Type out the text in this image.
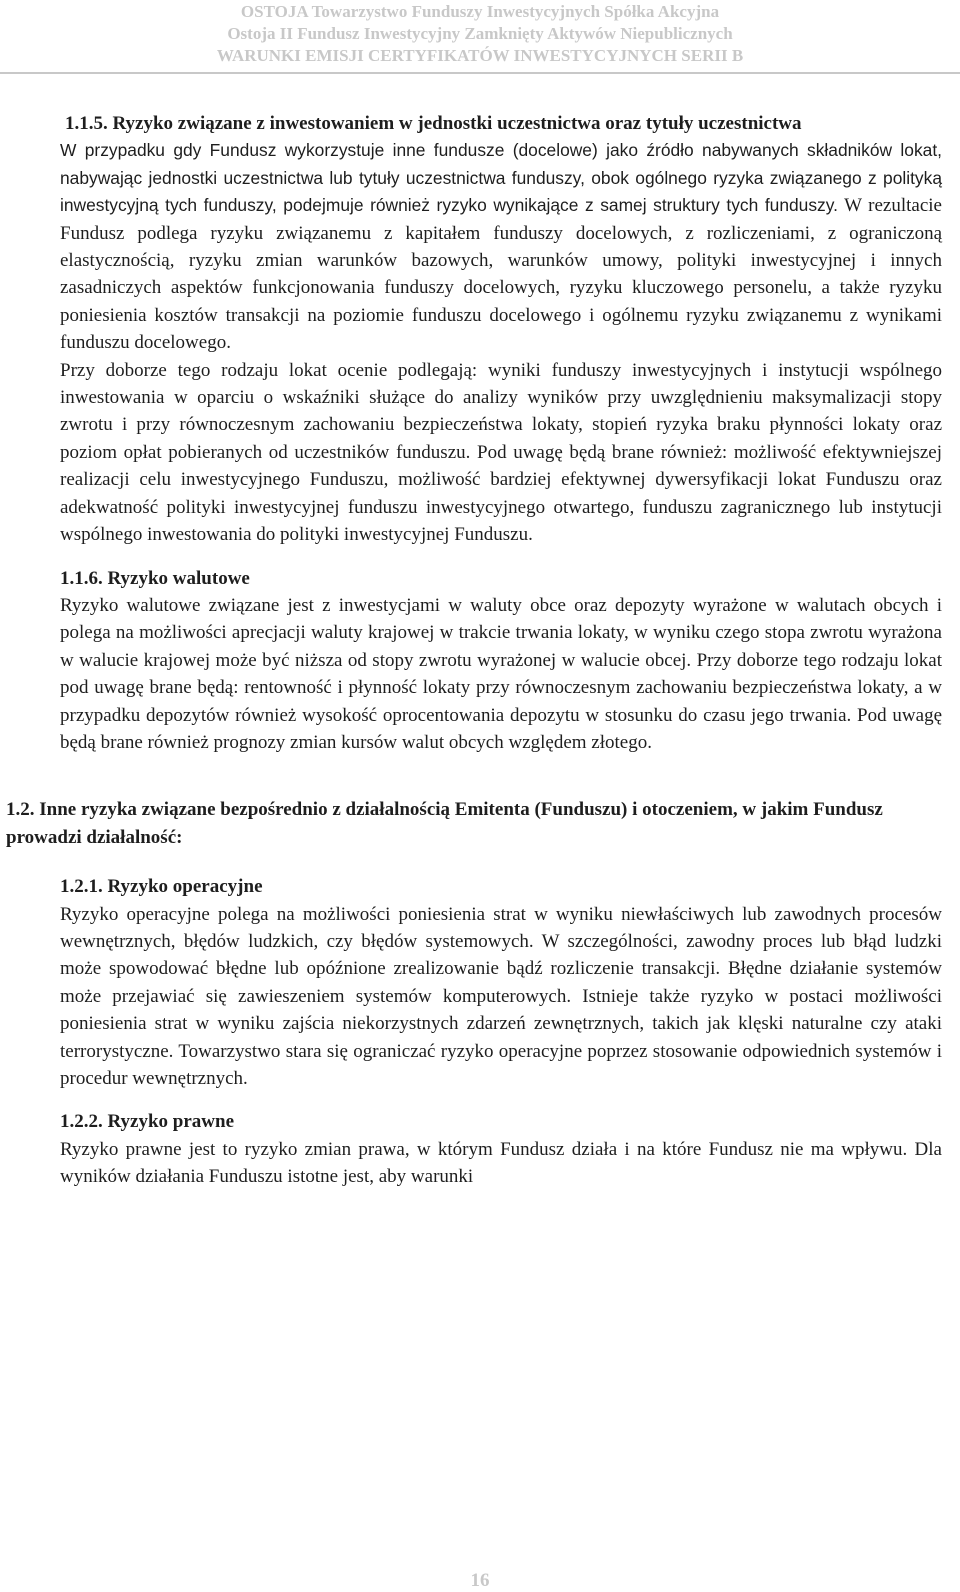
OSTOJA Towarzystwo Funduszy Inwestycyjnych Spółka Akcyjna
Ostoja II Fundusz Inwestycyjny Zamknięty Aktywów Niepublicznych
WARUNKI EMISJI CERTYFIKATÓW INWESTYCYJNYCH SERII B

1.1.5. Ryzyko związane z inwestowaniem w jednostki uczestnictwa oraz tytuły uczestnictwa

W przypadku gdy Fundusz wykorzystuje inne fundusze (docelowe) jako źródło nabywanych składników lokat, nabywając jednostki uczestnictwa lub tytuły uczestnictwa funduszy, obok ogólnego ryzyka związanego z polityką inwestycyjną tych funduszy, podejmuje również ryzyko wynikające z samej struktury tych funduszy. W rezultacie Fundusz podlega ryzyku związanemu z kapitałem funduszy docelowych, z rozliczeniami, z ograniczoną elastycznością, ryzyku zmian warunków bazowych, warunków umowy, polityki inwestycyjnej i innych zasadniczych aspektów funkcjonowania funduszy docelowych, ryzyku kluczowego personelu, a także ryzyku poniesienia kosztów transakcji na poziomie funduszu docelowego i ogólnemu ryzyku związanemu z wynikami funduszu docelowego.

Przy doborze tego rodzaju lokat ocenie podlegają: wyniki funduszy inwestycyjnych i instytucji wspólnego inwestowania w oparciu o wskaźniki służące do analizy wyników przy uwzględnieniu maksymalizacji stopy zwrotu i przy równoczesnym zachowaniu bezpieczeństwa lokaty, stopień ryzyka braku płynności lokaty oraz poziom opłat pobieranych od uczestników funduszu. Pod uwagę będą brane również: możliwość efektywniejszej realizacji celu inwestycyjnego Funduszu, możliwość bardziej efektywnej dywersyfikacji lokat Funduszu oraz adekwatność polityki inwestycyjnej funduszu inwestycyjnego otwartego, funduszu zagranicznego lub instytucji wspólnego inwestowania do polityki inwestycyjnej Funduszu.

1.1.6. Ryzyko walutowe

Ryzyko walutowe związane jest z inwestycjami w waluty obce oraz depozyty wyrażone w walutach obcych i polega na możliwości aprecjacji waluty krajowej w trakcie trwania lokaty, w wyniku czego stopa zwrotu wyrażona w walucie krajowej może być niższa od stopy zwrotu wyrażonej w walucie obcej. Przy doborze tego rodzaju lokat pod uwagę brane będą: rentowność i płynność lokaty przy równoczesnym zachowaniu bezpieczeństwa lokaty, a w przypadku depozytów również wysokość oprocentowania depozytu w stosunku do czasu jego trwania. Pod uwagę będą brane również prognozy zmian kursów walut obcych względem złotego.

1.2. Inne ryzyka związane bezpośrednio z działalnością Emitenta (Funduszu) i otoczeniem, w jakim Fundusz prowadzi działalność:

1.2.1. Ryzyko operacyjne

Ryzyko operacyjne polega na możliwości poniesienia strat w wyniku niewłaściwych lub zawodnych procesów wewnętrznych, błędów ludzkich, czy błędów systemowych. W szczególności, zawodny proces lub błąd ludzki może spowodować błędne lub opóźnione zrealizowanie bądź rozliczenie transakcji. Błędne działanie systemów może przejawiać się zawieszeniem systemów komputerowych. Istnieje także ryzyko w postaci możliwości poniesienia strat w wyniku zajścia niekorzystnych zdarzeń zewnętrznych, takich jak klęski naturalne czy ataki terrorystyczne. Towarzystwo stara się ograniczać ryzyko operacyjne poprzez stosowanie odpowiednich systemów i procedur wewnętrznych.

1.2.2. Ryzyko prawne

Ryzyko prawne jest to ryzyko zmian prawa, w którym Fundusz działa i na które Fundusz nie ma wpływu. Dla wyników działania Funduszu istotne jest, aby warunki

16
